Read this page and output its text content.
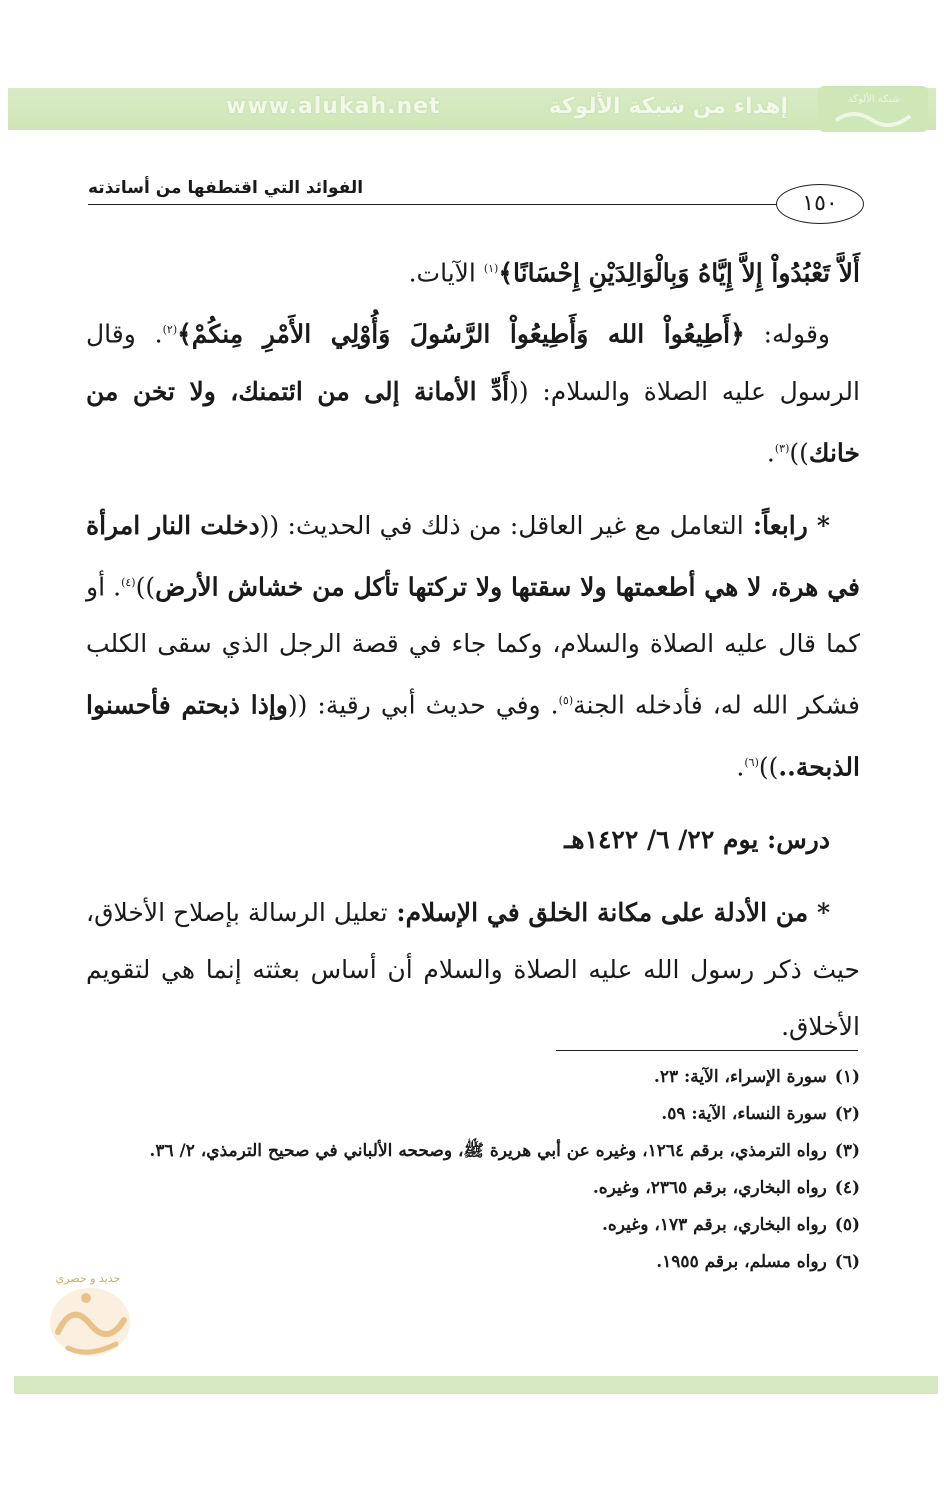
www.alukah.net	إهداء من شبكة الألوكة	شبكة الألوكة
الفوائد التي اقتطفها من أساتذته
١٥٠

أَلاَّ تَعْبُدُواْ إِلاَّ إِيَّاهُ وَبِالْوَالِدَيْنِ إِحْسَانًا﴾$^{(١)}$ الآيات.

وقوله: ﴿أَطِيعُواْ الله وَأَطِيعُواْ الرَّسُولَ وَأُوْلِي الأَمْرِ مِنكُمْ﴾$^{(٢)}$. وقال الرسول عليه الصلاة والسلام: ((أَدِّ الأمانة إلى من ائتمنك، ولا تخن من خانك))$^{(٣)}$.

* رابعاً: التعامل مع غير العاقل: من ذلك في الحديث: ((دخلت النار امرأة في هرة، لا هي أطعمتها ولا سقتها ولا تركتها تأكل من خشاش الأرض))$^{(٤)}$. أو كما قال عليه الصلاة والسلام، وكما جاء في قصة الرجل الذي سقى الكلب فشكر الله له، فأدخله الجنة$^{(٥)}$. وفي حديث أبي رقية: ((وإذا ذبحتم فأحسنوا الذبحة..))$^{(٦)}$.

درس: يوم ٢٢/ ٦/ ١٤٢٢هـ

* من الأدلة على مكانة الخلق في الإسلام: تعليل الرسالة بإصلاح الأخلاق، حيث ذكر رسول الله عليه الصلاة والسلام أن أساس بعثته إنما هي لتقويم الأخلاق.

(١)سورة الإسراء، الآية: ٢٣.

(٢)سورة النساء، الآية: ٥٩.

(٣)رواه الترمذي، برقم ١٢٦٤، وغيره عن أبي هريرة ﷺ، وصححه الألباني في صحيح الترمذي، ٢/ ٣٦.

(٤)رواه البخاري، برقم ٢٣٦٥، وغيره.

(٥)رواه البخاري، برقم ١٧٣، وغيره.

(٦)رواه مسلم، برقم ١٩٥٥.

جديد و حصري
